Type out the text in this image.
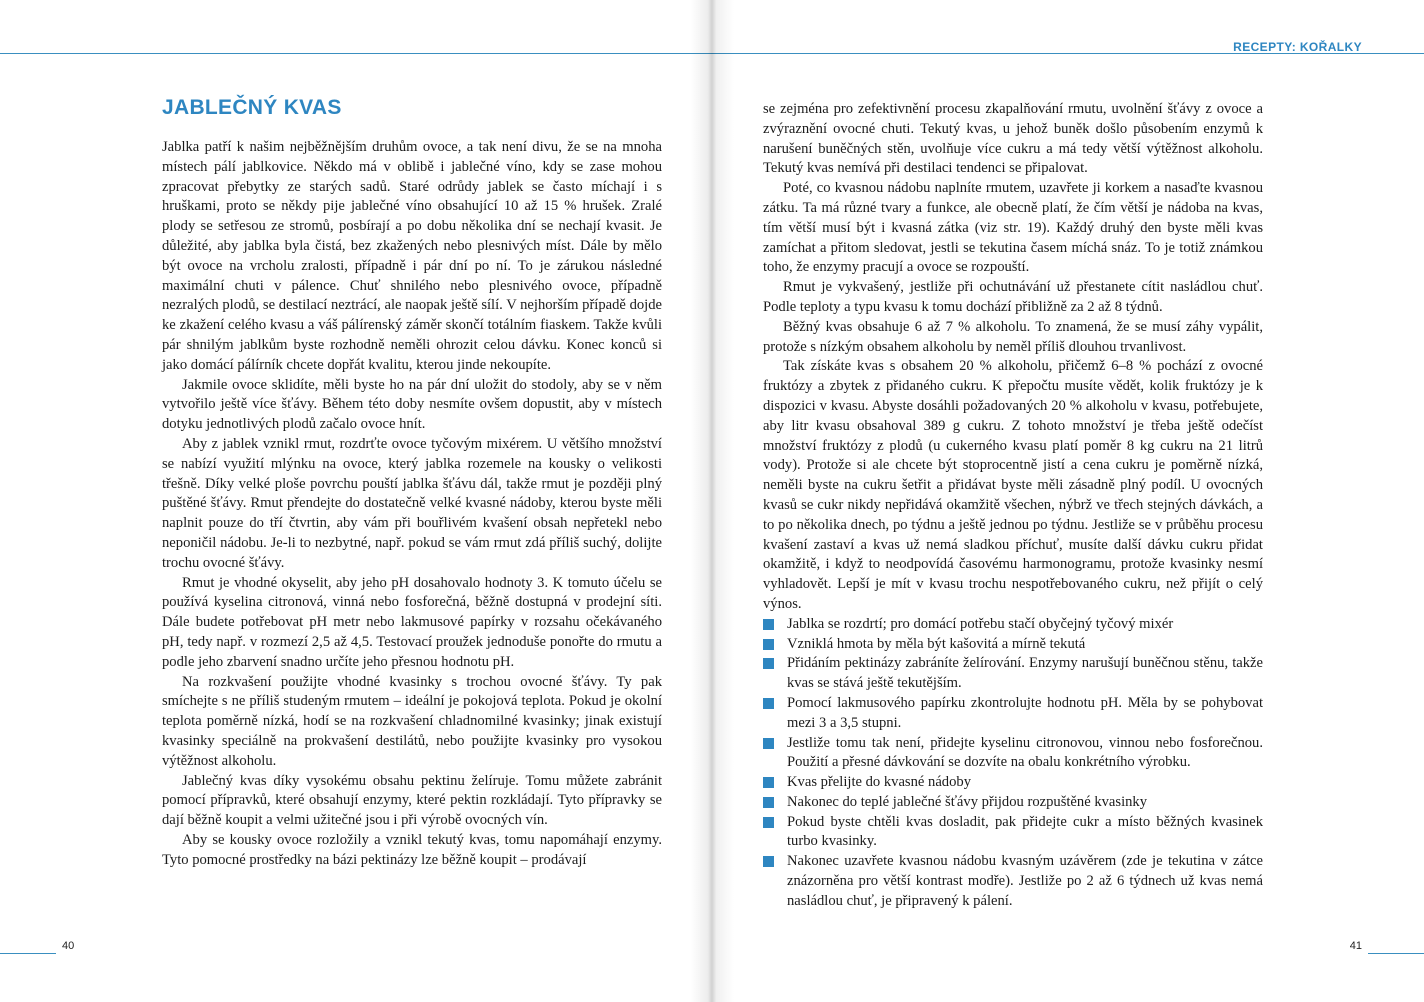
JABLEČNÝ KVAS

Jablka patří k našim nejběžnějším druhům ovoce, a tak není divu, že se na mnoha místech pálí jablkovice. Někdo má v oblibě i jablečné víno, kdy se zase mohou zpracovat přebytky ze starých sadů. Staré odrůdy jablek se často míchají i s hruškami, proto se někdy pije jablečné víno obsahující 10 až 15 % hrušek. Zralé plody se setřesou ze stromů, posbírají a po dobu několika dní se nechají kvasit. Je důležité, aby jablka byla čistá, bez zkažených nebo plesnivých míst. Dále by mělo být ovoce na vrcholu zralosti, případně i pár dní po ní. To je zárukou následné maximální chuti v pálence. Chuť shnilého nebo plesnivého ovoce, případně nezralých plodů, se destilací neztrácí, ale naopak ještě sílí. V nejhorším případě dojde ke zkažení celého kvasu a váš pálírenský záměr skončí totálním fiaskem. Takže kvůli pár shnilým jablkům byste rozhodně neměli ohrozit celou dávku. Konec konců si jako domácí pálírník chcete dopřát kvalitu, kterou jinde nekoupíte.

Jakmile ovoce sklidíte, měli byste ho na pár dní uložit do stodoly, aby se v něm vytvořilo ještě více šťávy. Během této doby nesmíte ovšem dopustit, aby v místech dotyku jednotlivých plodů začalo ovoce hnít.

Aby z jablek vznikl rmut, rozdrťte ovoce tyčovým mixérem. U většího množství se nabízí využití mlýnku na ovoce, který jablka rozemele na kousky o velikosti třešně. Díky velké ploše povrchu pouští jablka šťávu dál, takže rmut je později plný puštěné šťávy. Rmut přendejte do dostatečně velké kvasné nádoby, kterou byste měli naplnit pouze do tří čtvrtin, aby vám při bouřlivém kvašení obsah nepřetekl nebo neponičil nádobu. Je-li to nezbytné, např. pokud se vám rmut zdá příliš suchý, dolijte trochu ovocné šťávy.

Rmut je vhodné okyselit, aby jeho pH dosahovalo hodnoty 3. K tomuto účelu se používá kyselina citronová, vinná nebo fosforečná, běžně dostupná v prodejní síti. Dále budete potřebovat pH metr nebo lakmusové papírky v rozsahu očekávaného pH, tedy např. v rozmezí 2,5 až 4,5. Testovací proužek jednoduše ponořte do rmutu a podle jeho zbarvení snadno určíte jeho přesnou hodnotu pH.

Na rozkvašení použijte vhodné kvasinky s trochou ovocné šťávy. Ty pak smíchejte s ne příliš studeným rmutem – ideální je pokojová teplota. Pokud je okolní teplota poměrně nízká, hodí se na rozkvašení chladnomilné kvasinky; jinak existují kvasinky speciálně na prokvašení destilátů, nebo použijte kvasinky pro vysokou výtěžnost alkoholu.

Jablečný kvas díky vysokému obsahu pektinu želíruje. Tomu můžete zabránit pomocí přípravků, které obsahují enzymy, které pektin rozkládají. Tyto přípravky se dají běžně koupit a velmi užitečné jsou i při výrobě ovocných vín.

Aby se kousky ovoce rozložily a vznikl tekutý kvas, tomu napomáhají enzymy. Tyto pomocné prostředky na bázi pektinázy lze běžně koupit – prodávají

40
RECEPTY: KOŘALKY

se zejména pro zefektivnění procesu zkapalňování rmutu, uvolnění šťávy z ovoce a zvýraznění ovocné chuti. Tekutý kvas, u jehož buněk došlo působením enzymů k narušení buněčných stěn, uvolňuje více cukru a má tedy větší výtěžnost alkoholu. Tekutý kvas nemívá při destilaci tendenci se připalovat.

Poté, co kvasnou nádobu naplníte rmutem, uzavřete ji korkem a nasaďte kvasnou zátku. Ta má různé tvary a funkce, ale obecně platí, že čím větší je nádoba na kvas, tím větší musí být i kvasná zátka (viz str. 19). Každý druhý den byste měli kvas zamíchat a přitom sledovat, jestli se tekutina časem míchá snáz. To je totiž známkou toho, že enzymy pracují a ovoce se rozpouští.

Rmut je vykvašený, jestliže při ochutnávání už přestanete cítit nasládlou chuť. Podle teploty a typu kvasu k tomu dochází přibližně za 2 až 8 týdnů.

Běžný kvas obsahuje 6 až 7 % alkoholu. To znamená, že se musí záhy vypálit, protože s nízkým obsahem alkoholu by neměl příliš dlouhou trvanlivost.

Tak získáte kvas s obsahem 20 % alkoholu, přičemž 6–8 % pochází z ovocné fruktózy a zbytek z přidaného cukru. K přepočtu musíte vědět, kolik fruktózy je k dispozici v kvasu. Abyste dosáhli požadovaných 20 % alkoholu v kvasu, potřebujete, aby litr kvasu obsahoval 389 g cukru. Z tohoto množství je třeba ještě odečíst množství fruktózy z plodů (u cukerného kvasu platí poměr 8 kg cukru na 21 litrů vody). Protože si ale chcete být stoprocentně jistí a cena cukru je poměrně nízká, neměli byste na cukru šetřit a přidávat byste měli zásadně plný podíl. U ovocných kvasů se cukr nikdy nepřidává okamžitě všechen, nýbrž ve třech stejných dávkách, a to po několika dnech, po týdnu a ještě jednou po týdnu. Jestliže se v průběhu procesu kvašení zastaví a kvas už nemá sladkou příchuť, musíte další dávku cukru přidat okamžitě, i když to neodpovídá časovému harmonogramu, protože kvasinky nesmí vyhladovět. Lepší je mít v kvasu trochu nespotřebovaného cukru, než přijít o celý výnos.

Jablka se rozdrtí; pro domácí potřebu stačí obyčejný tyčový mixér
Vzniklá hmota by měla být kašovitá a mírně tekutá
Přidáním pektinázy zabráníte želírování. Enzymy narušují buněčnou stěnu, takže kvas se stává ještě tekutějším.
Pomocí lakmusového papírku zkontrolujte hodnotu pH. Měla by se pohybovat mezi 3 a 3,5 stupni.
Jestliže tomu tak není, přidejte kyselinu citronovou, vinnou nebo fosforečnou. Použití a přesné dávkování se dozvíte na obalu konkrétního výrobku.
Kvas přelijte do kvasné nádoby
Nakonec do teplé jablečné šťávy přijdou rozpuštěné kvasinky
Pokud byste chtěli kvas dosladit, pak přidejte cukr a místo běžných kvasinek turbo kvasinky.
Nakonec uzavřete kvasnou nádobu kvasným uzávěrem (zde je tekutina v zátce znázorněna pro větší kontrast modře). Jestliže po 2 až 6 týdnech už kvas nemá nasládlou chuť, je připravený k pálení.
41
